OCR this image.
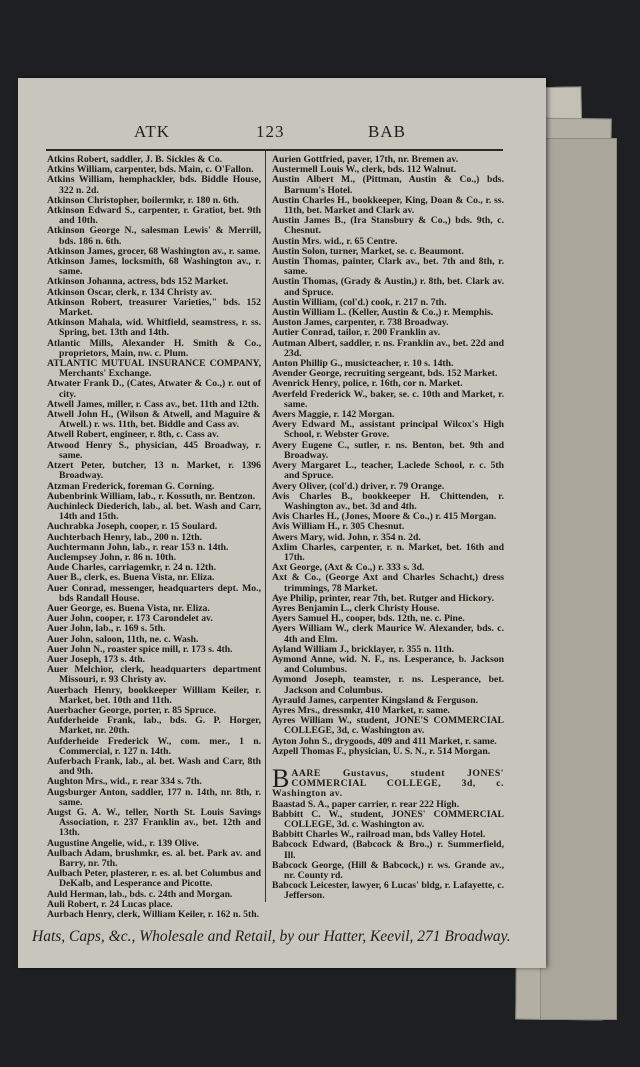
ATK	123	BAB
Atkins Robert, saddler, J. B. Sickles & Co.
Atkins William, carpenter, bds. Main, c. O'Fallon.
Atkins William, hemphackler, bds. Biddle House, 322 n. 2d.
Atkinson Christopher, boilermkr, r. 180 n. 6th.
Atkinson Edward S., carpenter, r. Gratiot, bet. 9th and 10th.
Atkinson George N., salesman Lewis' & Merrill, bds. 186 n. 6th.
Atkinson James, grocer, 68 Washington av., r. same.
Atkinson James, locksmith, 68 Washington av., r. same.
Atkinson Johanna, actress, bds 152 Market.
Atkinson Oscar, clerk, r. 134 Christy av.
Atkinson Robert, treasurer Varieties," bds. 152 Market.
Atkinson Mahala, wid. Whitfield, seamstress, r. ss. Spring, bet. 13th and 14th.
Atlantic Mills, Alexander H. Smith & Co., proprietors, Main, nw. c. Plum.
ATLANTIC MUTUAL INSURANCE COMPANY, Merchants' Exchange.
Atwater Frank D., (Cates, Atwater & Co.,) r. out of city.
Atwell James, miller, r. Cass av., bet. 11th and 12th.
Atwell John H., (Wilson & Atwell, and Maguire & Atwell.) r. ws. 11th, bet. Biddle and Cass av.
Atwell Robert, engineer, r. 8th, c. Cass av.
Atwood Henry S., physician, 445 Broadway, r. same.
Atzert Peter, butcher, 13 n. Market, r. 1396 Broadway.
Atzman Frederick, foreman G. Corning.
Aubenbrink William, lab., r. Kossuth, nr. Bentzon.
Auchinleck Diederich, lab., al. bet. Wash and Carr, 14th and 15th.
Auchrabka Joseph, cooper, r. 15 Soulard.
Auchterbach Henry, lab., 200 n. 12th.
Auchtermann John, lab., r. rear 153 n. 14th.
Auclempsey John, r. 86 n. 10th.
Aude Charles, carriagemkr, r. 24 n. 12th.
Auer B., clerk, es. Buena Vista, nr. Eliza.
Auer Conrad, messenger, headquarters dept. Mo., bds Randall House.
Auer George, es. Buena Vista, nr. Eliza.
Auer John, cooper, r. 173 Carondelet av.
Auer John, lab., r. 169 s. 5th.
Auer John, saloon, 11th, ne. c. Wash.
Auer John N., roaster spice mill, r. 173 s. 4th.
Auer Joseph, 173 s. 4th.
Auer Melchior, clerk, headquarters department Missouri, r. 93 Christy av.
Auerbach Henry, bookkeeper William Keiler, r. Market, bet. 10th and 11th.
Auerbacher George, porter, r. 85 Spruce.
Aufderheide Frank, lab., bds. G. P. Horger, Market, nr. 20th.
Aufderheide Frederick W., com. mer., 1 n. Commercial, r. 127 n. 14th.
Auferbach Frank, lab., al. bet. Wash and Carr, 8th and 9th.
Aughton Mrs., wid., r. rear 334 s. 7th.
Augsburger Anton, saddler, 177 n. 14th, nr. 8th, r. same.
Augst G. A. W., teller, North St. Louis Savings Association, r. 237 Franklin av., bet. 12th and 13th.
Augustine Angelie, wid., r. 139 Olive.
Aulbach Adam, brushmkr, es. al. bet. Park av. and Barry, nr. 7th.
Aulbach Peter, plasterer, r. es. al. bet Columbus and DeKalb, and Lesperance and Picotte.
Auld Herman, lab., bds. c. 24th and Morgan.
Auli Robert, r. 24 Lucas place.
Aurbach Henry, clerk, William Keiler, r. 162 n. 5th.
Aurien Gottfried, paver, 17th, nr. Bremen av.
Austermell Louis W., clerk, bds. 112 Walnut.
Austin Albert M., (Pittman, Austin & Co.,) bds. Barnum's Hotel.
Austin Charles H., bookkeeper, King, Doan & Co., r. ss. 11th, bet. Market and Clark av.
Austin James B., (Ira Stansbury & Co.,) bds. 9th, c. Chesnut.
Austin Mrs. wid., r. 65 Centre.
Austin Solon, turner, Market, se. c. Beaumont.
Austin Thomas, painter, Clark av., bet. 7th and 8th, r. same.
Austin Thomas, (Grady & Austin,) r. 8th, bet. Clark av. and Spruce.
Austin William, (col'd.) cook, r. 217 n. 7th.
Austin William L. (Keller, Austin & Co.,) r. Memphis.
Auston James, carpenter, r. 738 Broadway.
Autier Conrad, tailor, r. 200 Franklin av.
Autman Albert, saddler, r. ns. Franklin av., bet. 22d and 23d.
Anton Phillip G., musicteacher, r. 10 s. 14th.
Avender George, recruiting sergeant, bds. 152 Market.
Avenrick Henry, police, r. 16th, cor n. Market.
Averfeld Frederick W., baker, se. c. 10th and Market, r. same.
Avers Maggie, r. 142 Morgan.
Avery Edward M., assistant principal Wilcox's High School, r. Webster Grove.
Avery Eugene C., sutler, r. ns. Benton, bet. 9th and Broadway.
Avery Margaret L., teacher, Laclede School, r. c. 5th and Spruce.
Avery Oliver, (col'd.) driver, r. 79 Orange.
Avis Charles B., bookkeeper H. Chittenden, r. Washington av., bet. 3d and 4th.
Avis Charles H., (Jones, Moore & Co.,) r. 415 Morgan.
Avis William H., r. 305 Chesnut.
Awers Mary, wid. John, r. 354 n. 2d.
Axlim Charles, carpenter, r. n. Market, bet. 16th and 17th.
Axt George, (Axt & Co.,) r. 333 s. 3d.
Axt & Co., (George Axt and Charles Schacht,) dress trimmings, 78 Market.
Aye Philip, printer, rear 7th, bet. Rutger and Hickory.
Ayres Benjamin L., clerk Christy House.
Ayers Samuel H., cooper, bds. 12th, ne. c. Pine.
Ayers William W., clerk Maurice W. Alexander, bds. c. 4th and Elm.
Ayland William J., bricklayer, r. 355 n. 11th.
Aymond Anne, wid. N. F., ns. Lesperance, b. Jackson and Columbus.
Aymond Joseph, teamster, r. ns. Lesperance, bet. Jackson and Columbus.
Ayrauld James, carpenter Kingsland & Ferguson.
Ayres Mrs., dressmkr, 410 Market, r. same.
Ayres William W., student, JONE'S COMMERCIAL COLLEGE, 3d, c. Washington av.
Ayton John S., drygoods, 409 and 411 Market, r. same.
Azpell Thomas F., physician, U. S. N., r. 514 Morgan.
BAARE Gustavus, student JONES' COMMERCIAL COLLEGE, 3d, c. Washington av.
Baastad S. A., paper carrier, r. rear 222 High.
Babbitt C. W., student, JONES' COMMERCIAL COLLEGE, 3d. c. Washington av.
Babbitt Charles W., railroad man, bds Valley Hotel.
Babcock Edward, (Babcock & Bro.,) r. Summerfield, Ill.
Babcock George, (Hill & Babcock,) r. ws. Grande av., nr. County rd.
Babcock Leicester, lawyer, 6 Lucas' bldg, r. Lafayette, c. Jefferson.
Hats, Caps, &c., Wholesale and Retail, by our Hatter, Keevil, 271 Broadway.
